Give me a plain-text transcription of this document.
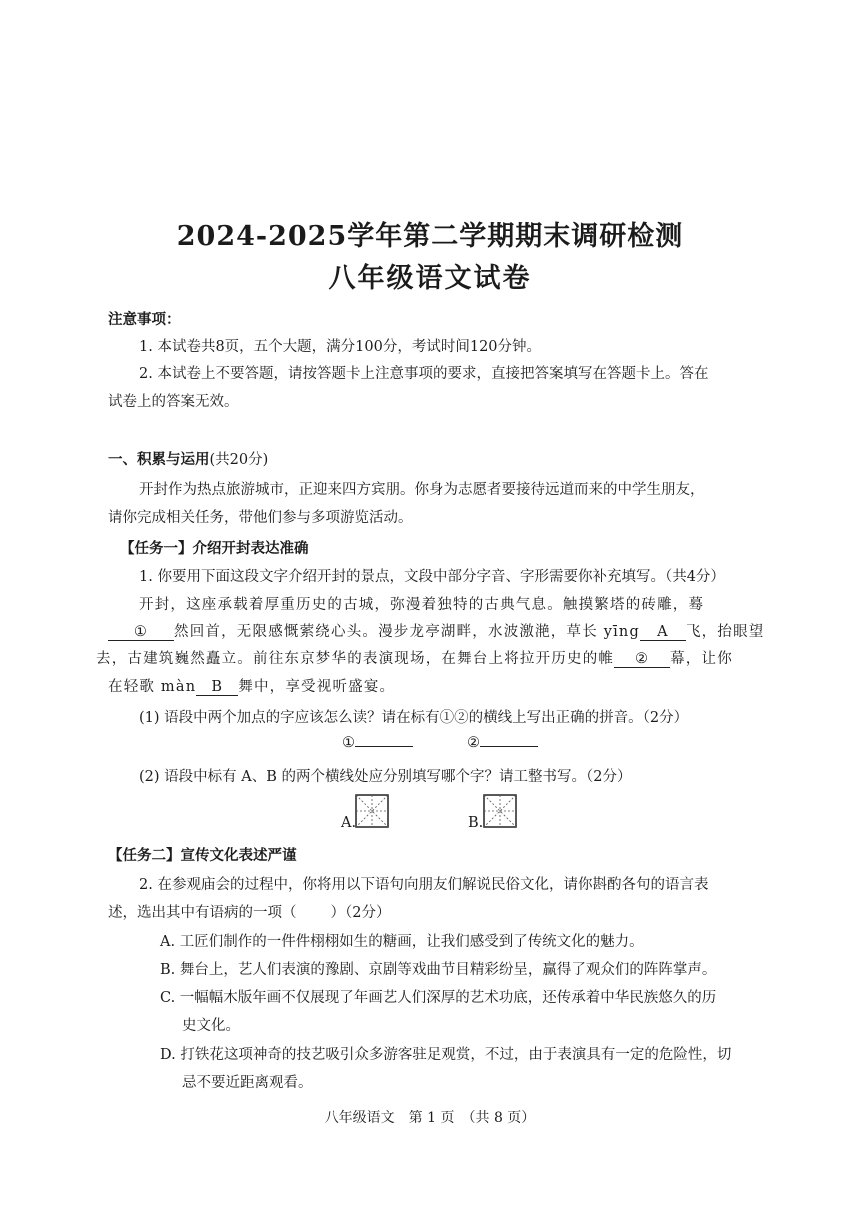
2024-2025学年第二学期期末调研检测
八年级语文试卷
注意事项：
1. 本试卷共8页，五个大题，满分100分，考试时间120分钟。
2. 本试卷上不要答题，请按答题卡上注意事项的要求，直接把答案填写在答题卡上。答在
试卷上的答案无效。
一、积累与运用(共20分)
开封作为热点旅游城市，正迎来四方宾朋。你身为志愿者要接待远道而来的中学生朋友，
请你完成相关任务，带他们参与多项游览活动。
【任务一】介绍开封表达准确
1. 你要用下面这段文字介绍开封的景点，文段中部分字音、字形需要你补充填写。（共4分）
开封，这座承载着厚重历史的古城，弥漫着独特的古典气息。触摸繁塔的砖雕，蓦
① 然回首，无限感慨萦绕心头。漫步龙亭湖畔，水波激滟，草长 yīng A 飞，抬眼望
去，古建筑巍然矗立。前往东京梦华的表演现场，在舞台上将拉开历史的帷 ② 幕，让你
在轻歌 màn B 舞中，享受视听盛宴。
(1) 语段中两个加点的字应该怎么读？请在标有①②的横线上写出正确的拼音。（2分）
①	②
(2) 语段中标有 A、B 的两个横线处应分别填写哪个字？请工整书写。（2分）
A.	B.
【任务二】宣传文化表述严谨
2. 在参观庙会的过程中，你将用以下语句向朋友们解说民俗文化，请你斟酌各句的语言表
述，选出其中有语病的一项（ ）（2分）
A. 工匠们制作的一件件栩栩如生的糖画，让我们感受到了传统文化的魅力。
B. 舞台上，艺人们表演的豫剧、京剧等戏曲节目精彩纷呈，赢得了观众们的阵阵掌声。
C. 一幅幅木版年画不仅展现了年画艺人们深厚的艺术功底，还传承着中华民族悠久的历
史文化。
D. 打铁花这项神奇的技艺吸引众多游客驻足观赏，不过，由于表演具有一定的危险性，切
忌不要近距离观看。
八年级语文　第 1 页　（共 8 页）
